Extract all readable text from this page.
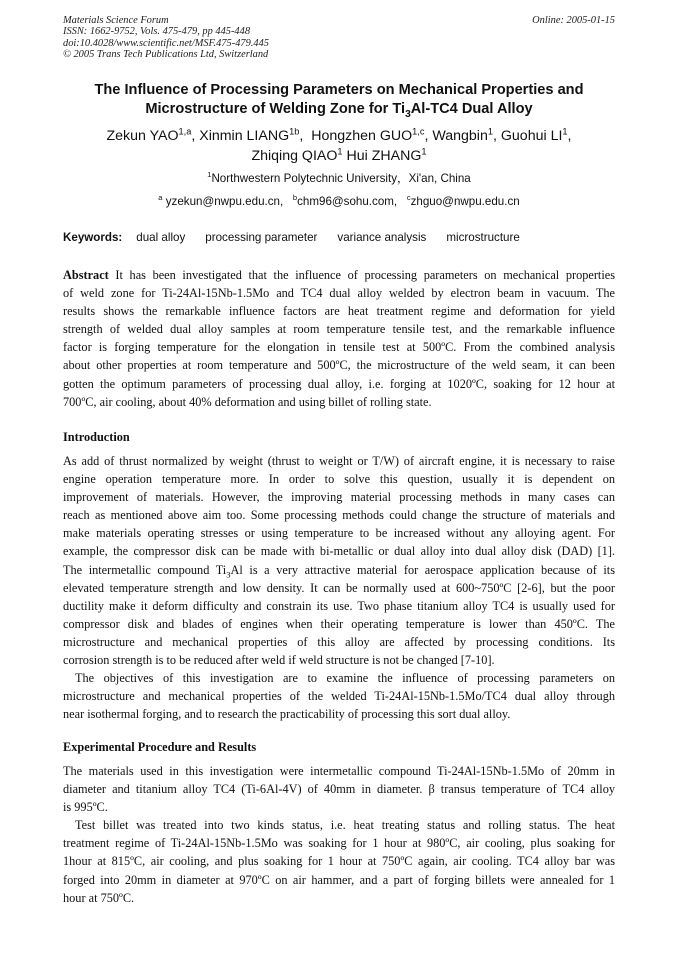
Materials Science Forum
ISSN: 1662-9752, Vols. 475-479, pp 445-448
doi:10.4028/www.scientific.net/MSF.475-479.445
© 2005 Trans Tech Publications Ltd, Switzerland
Online: 2005-01-15
The Influence of Processing Parameters on Mechanical Properties and
Microstructure of Welding Zone for $Ti_3Al-TC4$ Dual Alloy
Zekun YAO$^{1,a}$, Xinmin $LIANG^{1b}$,  Hongzhen GUO$^{1,c}$, Wangbin$^1$, Guohui $LI^1$,
Zhiqing QIAO$^1$ Hui ZHANG$^1$
$^1$Northwestern Polytechnic University，Xi'an, China
$^a$ yzekun@nwpu.edu.cn, $^b$chm96@sohu.com, $^c$zhguo@nwpu.edu.cn
Keywords: dual alloy processing parameter variance analysis microstructure
Abstract It has been investigated that the influence of processing parameters on mechanical properties
of weld zone for Ti-24Al-15Nb-1.5Mo and TC4 dual alloy welded by electron beam in vacuum. The
results shows the remarkable influence factors are heat treatment regime and deformation for yield
strength of welded dual alloy samples at room temperature tensile test, and the remarkable influence
factor is forging temperature for the elongation in tensile test at 500ºC. From the combined analysis
about other properties at room temperature and 500ºC, the microstructure of the weld seam, it can been
gotten the optimum parameters of processing dual alloy, i.e. forging at 1020ºC, soaking for 12 hour at
700ºC, air cooling, about 40% deformation and using billet of rolling state.
Introduction
As add of thrust normalized by weight (thrust to weight or T/W) of aircraft engine, it is necessary to raise
engine operation temperature more. In order to solve this question, usually it is dependent on
improvement of materials. However, the improving material processing methods in many cases can
reach as mentioned above aim too. Some processing methods could change the structure of materials and
make materials operating stresses or using temperature to be increased without any alloying agent. For
example, the compressor disk can be made with bi-metallic or dual alloy into dual alloy disk (DAD) [1].
The intermetallic compound $Ti_3Al$ is a very attractive material for aerospace application because of its
elevated temperature strength and low density. It can be normally used at 600~750ºC [2-6], but the poor
ductility make it deform difficulty and constrain its use. Two phase titanium alloy TC4 is usually used for
compressor disk and blades of engines when their operating temperature is lower than 450ºC. The
microstructure and mechanical properties of this alloy are affected by processing conditions. Its
corrosion strength is to be reduced after weld if weld structure is not be changed [7-10].
The objectives of this investigation are to examine the influence of processing parameters on
microstructure and mechanical properties of the welded Ti-24Al-15Nb-1.5Mo/TC4 dual alloy through
near isothermal forging, and to research the practicability of processing this sort dual alloy.
Experimental Procedure and Results
The materials used in this investigation were intermetallic compound Ti-24Al-15Nb-1.5Mo of 20mm in
diameter and titanium alloy TC4 (Ti-6Al-4V) of 40mm in diameter. β transus temperature of TC4 alloy
is 995ºC.
Test billet was treated into two kinds status, i.e. heat treating status and rolling status. The heat
treatment regime of Ti-24Al-15Nb-1.5Mo was soaking for 1 hour at 980ºC, air cooling, plus soaking for
1hour at 815ºC, air cooling, and plus soaking for 1 hour at 750ºC again, air cooling. TC4 alloy bar was
forged into 20mm in diameter at 970ºC on air hammer, and a part of forging billets were annealed for 1
hour at 750ºC.
